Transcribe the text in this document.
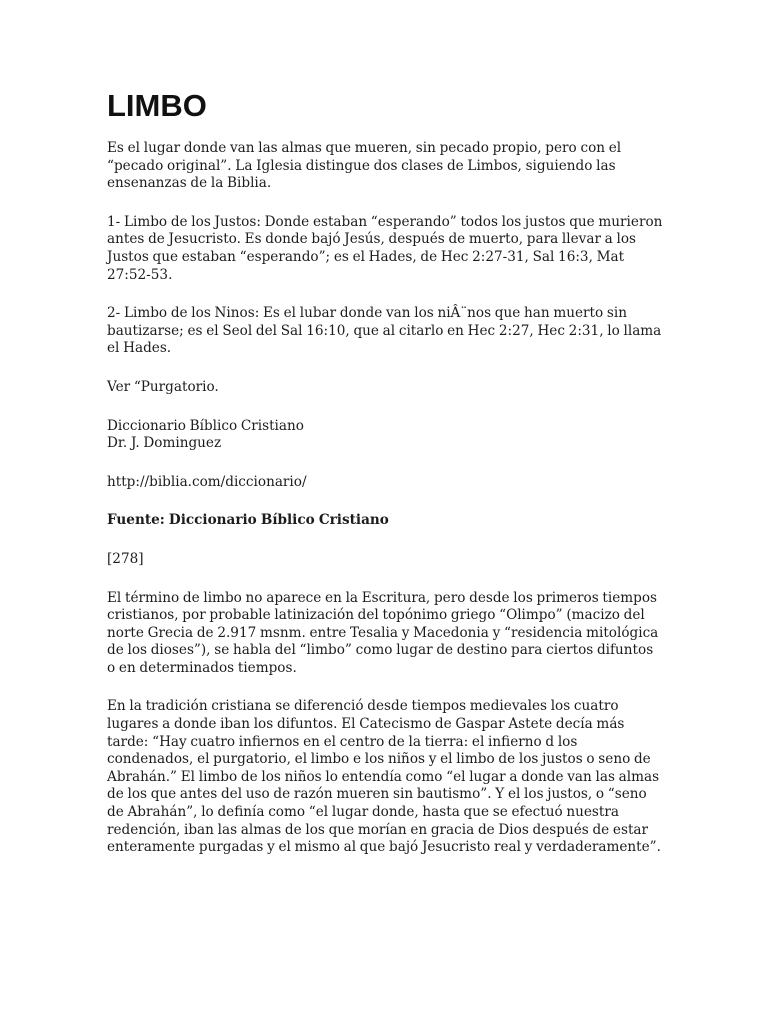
LIMBO

Es el lugar donde van las almas que mueren, sin pecado propio, pero con el “pecado original”. La Iglesia distingue dos clases de Limbos, siguiendo las ensenanzas de la Biblia.

1- Limbo de los Justos: Donde estaban “esperando” todos los justos que murieron antes de Jesucristo. Es donde bajó Jesús, después de muerto, para llevar a los Justos que estaban “esperando”; es el Hades, de Hec 2:27-31, Sal 16:3, Mat 27:52-53.

2- Limbo de los Ninos: Es el lubar donde van los niÂ¨nos que han muerto sin bautizarse; es el Seol del Sal 16:10, que al citarlo en Hec 2:27, Hec 2:31, lo llama el Hades.

Ver “Purgatorio.

Diccionario Bíblico Cristiano
Dr. J. Dominguez

http://biblia.com/diccionario/

Fuente: Diccionario Bíblico Cristiano

[278]

El término de limbo no aparece en la Escritura, pero desde los primeros tiempos cristianos, por probable latinización del topónimo griego “Olimpo” (macizo del norte Grecia de 2.917 msnm. entre Tesalia y Macedonia y “residencia mitológica de los dioses”), se habla del “limbo” como lugar de destino para ciertos difuntos o en determinados tiempos.

En la tradición cristiana se diferenció desde tiempos medievales los cuatro lugares a donde iban los difuntos. El Catecismo de Gaspar Astete decía más tarde: “Hay cuatro infiernos en el centro de la tierra: el infierno d los condenados, el purgatorio, el limbo e los niños y el limbo de los justos o seno de Abrahán.” El limbo de los niños lo entendía como “el lugar a donde van las almas de los que antes del uso de razón mueren sin bautismo”. Y el los justos, o “seno de Abrahán”, lo definía como “el lugar donde, hasta que se efectuó nuestra redención, iban las almas de los que morían en gracia de Dios después de estar enteramente purgadas y el mismo al que bajó Jesucristo real y verdaderamente”.
